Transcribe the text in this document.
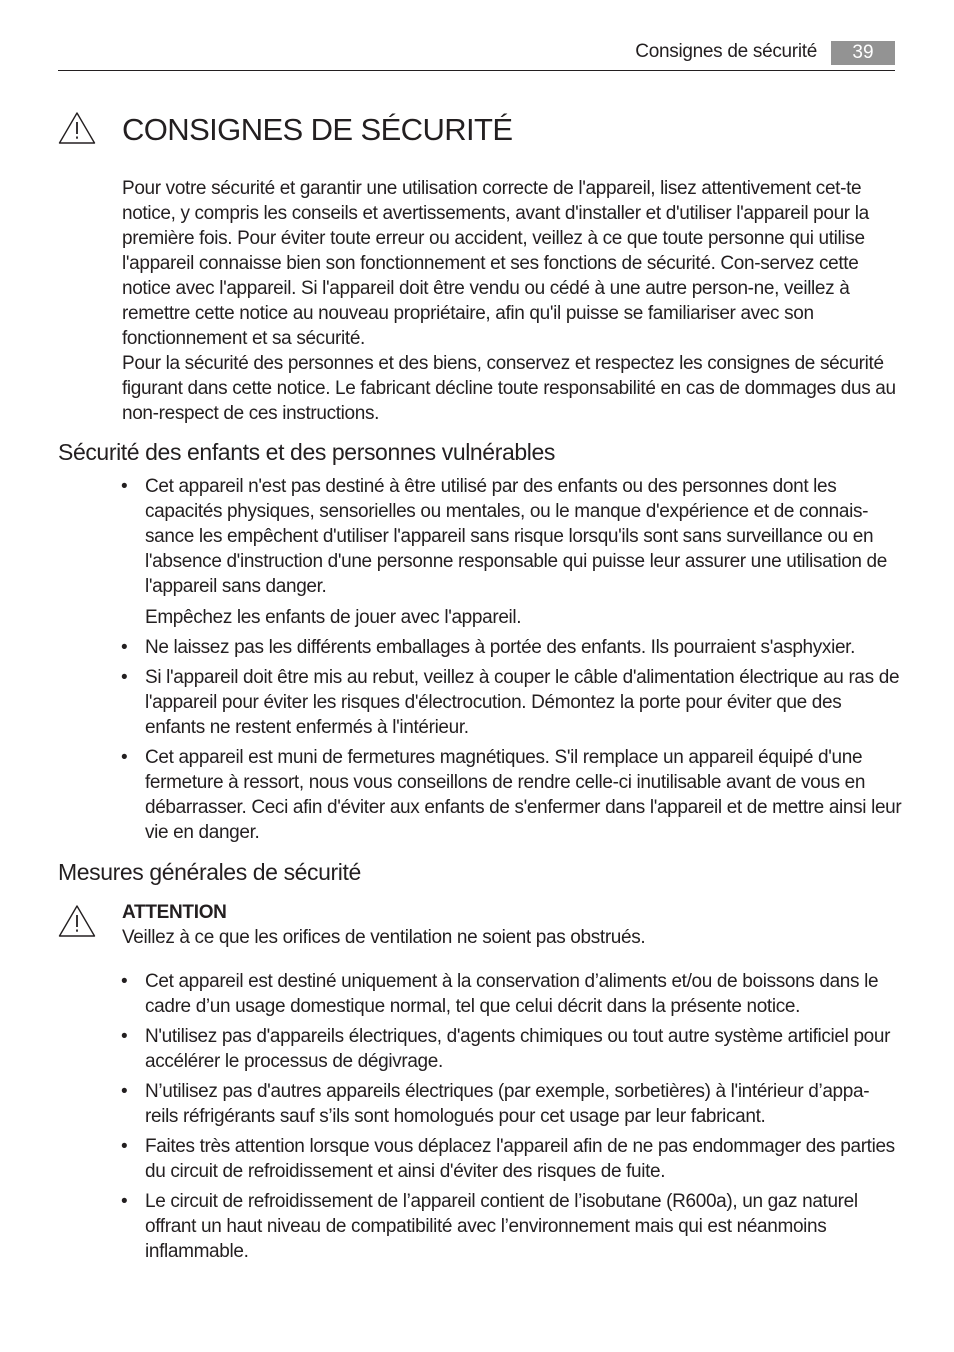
Consignes de sécurité	39
CONSIGNES DE SÉCURITÉ

Pour votre sécurité et garantir une utilisation correcte de l'appareil, lisez attentivement cet-te notice, y compris les conseils et avertissements, avant d'installer et d'utiliser l'appareil pour la première fois. Pour éviter toute erreur ou accident, veillez à ce que toute personne qui utilise l'appareil connaisse bien son fonctionnement et ses fonctions de sécurité. Con-servez cette notice avec l'appareil. Si l'appareil doit être vendu ou cédé à une autre person-ne, veillez à remettre cette notice au nouveau propriétaire, afin qu'il puisse se familiariser avec son fonctionnement et sa sécurité.

Pour la sécurité des personnes et des biens, conservez et respectez les consignes de sécurité figurant dans cette notice. Le fabricant décline toute responsabilité en cas de dommages dus au non-respect de ces instructions.

Sécurité des enfants et des personnes vulnérables
• Cet appareil n'est pas destiné à être utilisé par des enfants ou des personnes dont les capacités physiques, sensorielles ou mentales, ou le manque d'expérience et de connais-sance les empêchent d'utiliser l'appareil sans risque lorsqu'ils sont sans surveillance ou en l'absence d'instruction d'une personne responsable qui puisse leur assurer une utilisation de l'appareil sans danger.
Empêchez les enfants de jouer avec l'appareil.
• Ne laissez pas les différents emballages à portée des enfants. Ils pourraient s'asphyxier.
• Si l'appareil doit être mis au rebut, veillez à couper le câble d'alimentation électrique au ras de l'appareil pour éviter les risques d'électrocution. Démontez la porte pour éviter que des enfants ne restent enfermés à l'intérieur.
• Cet appareil est muni de fermetures magnétiques. S'il remplace un appareil équipé d'une fermeture à ressort, nous vous conseillons de rendre celle-ci inutilisable avant de vous en débarrasser. Ceci afin d'éviter aux enfants de s'enfermer dans l'appareil et de mettre ainsi leur vie en danger.
Mesures générales de sécurité

ATTENTION

Veillez à ce que les orifices de ventilation ne soient pas obstrués.

• Cet appareil est destiné uniquement à la conservation d’aliments et/ou de boissons dans le cadre d’un usage domestique normal, tel que celui décrit dans la présente notice.
• N'utilisez pas d'appareils électriques, d'agents chimiques ou tout autre système artificiel pour accélérer le processus de dégivrage.
• N’utilisez pas d'autres appareils électriques (par exemple, sorbetières) à l'intérieur d’appa-reils réfrigérants sauf s’ils sont homologués pour cet usage par leur fabricant.
• Faites très attention lorsque vous déplacez l'appareil afin de ne pas endommager des parties du circuit de refroidissement et ainsi d'éviter des risques de fuite.
• Le circuit de refroidissement de l’appareil contient de l’isobutane (R600a), un gaz naturel offrant un haut niveau de compatibilité avec l’environnement mais qui est néanmoins inflammable.
